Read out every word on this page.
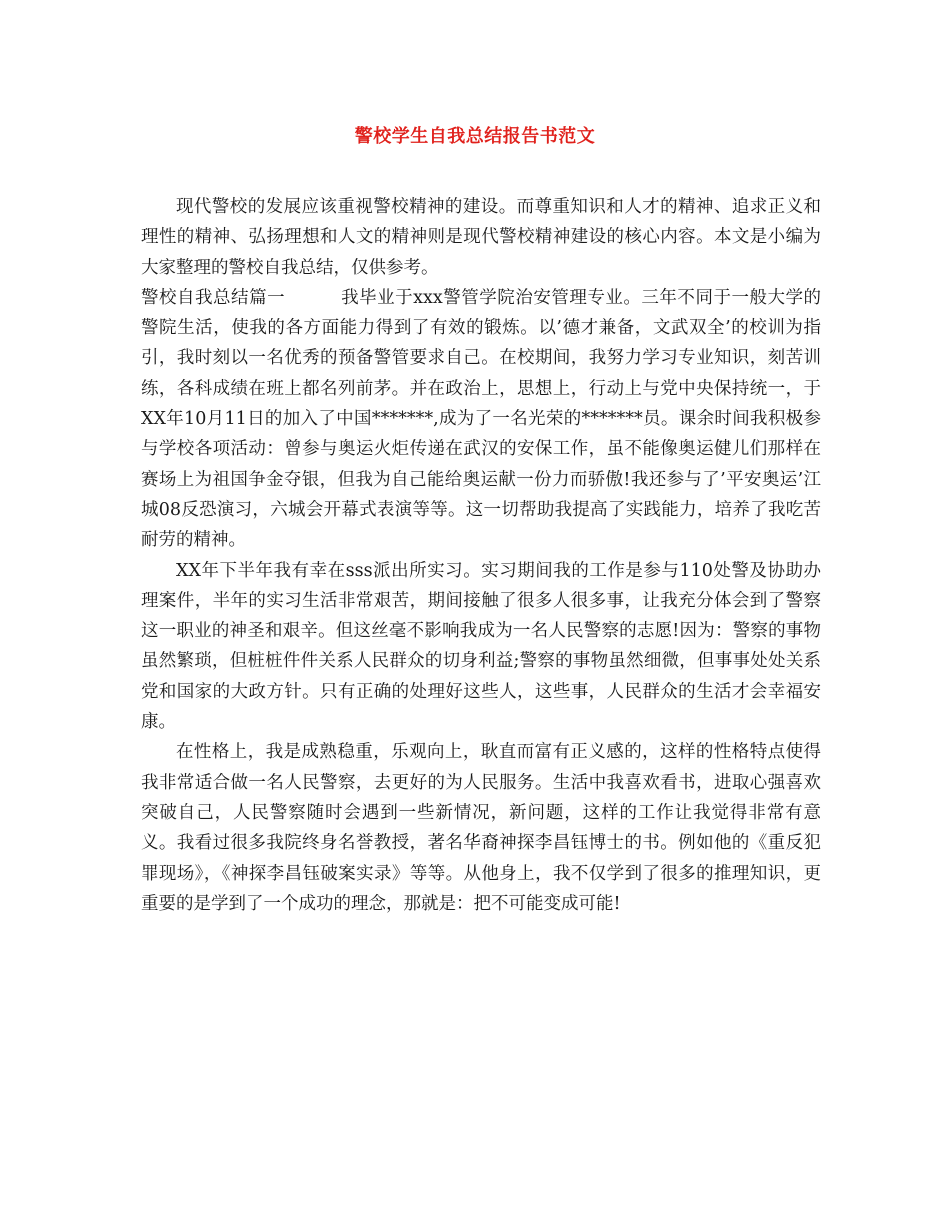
警校学生自我总结报告书范文

现代警校的发展应该重视警校精神的建设。而尊重知识和人才的精神、追求正义和理性的精神、弘扬理想和人文的精神则是现代警校精神建设的核心内容。本文是小编为大家整理的警校自我总结，仅供参考。

警校自我总结篇一	我毕业于xxx警管学院治安管理专业。三年不同于一般大学的警院生活，使我的各方面能力得到了有效的锻炼。以’德才兼备，文武双全’的校训为指引，我时刻以一名优秀的预备警管要求自己。在校期间，我努力学习专业知识，刻苦训练，各科成绩在班上都名列前茅。并在政治上，思想上，行动上与党中央保持统一，于XX年10月11日的加入了中国*******,成为了一名光荣的*******员。课余时间我积极参与学校各项活动：曾参与奥运火炬传递在武汉的安保工作，虽不能像奥运健儿们那样在赛场上为祖国争金夺银，但我为自己能给奥运献一份力而骄傲!我还参与了’平安奥运’江城08反恐演习，六城会开幕式表演等等。这一切帮助我提高了实践能力，培养了我吃苦耐劳的精神。

XX年下半年我有幸在sss派出所实习。实习期间我的工作是参与110处警及协助办理案件，半年的实习生活非常艰苦，期间接触了很多人很多事，让我充分体会到了警察这一职业的神圣和艰辛。但这丝毫不影响我成为一名人民警察的志愿!因为：警察的事物虽然繁琐，但桩桩件件关系人民群众的切身利益;警察的事物虽然细微，但事事处处关系党和国家的大政方针。只有正确的处理好这些人，这些事，人民群众的生活才会幸福安康。

在性格上，我是成熟稳重，乐观向上，耿直而富有正义感的，这样的性格特点使得我非常适合做一名人民警察，去更好的为人民服务。生活中我喜欢看书，进取心强喜欢突破自己，人民警察随时会遇到一些新情况，新问题，这样的工作让我觉得非常有意义。我看过很多我院终身名誉教授，著名华裔神探李昌钰博士的书。例如他的《重反犯罪现场》，《神探李昌钰破案实录》等等。从他身上，我不仅学到了很多的推理知识，更重要的是学到了一个成功的理念，那就是：把不可能变成可能!
